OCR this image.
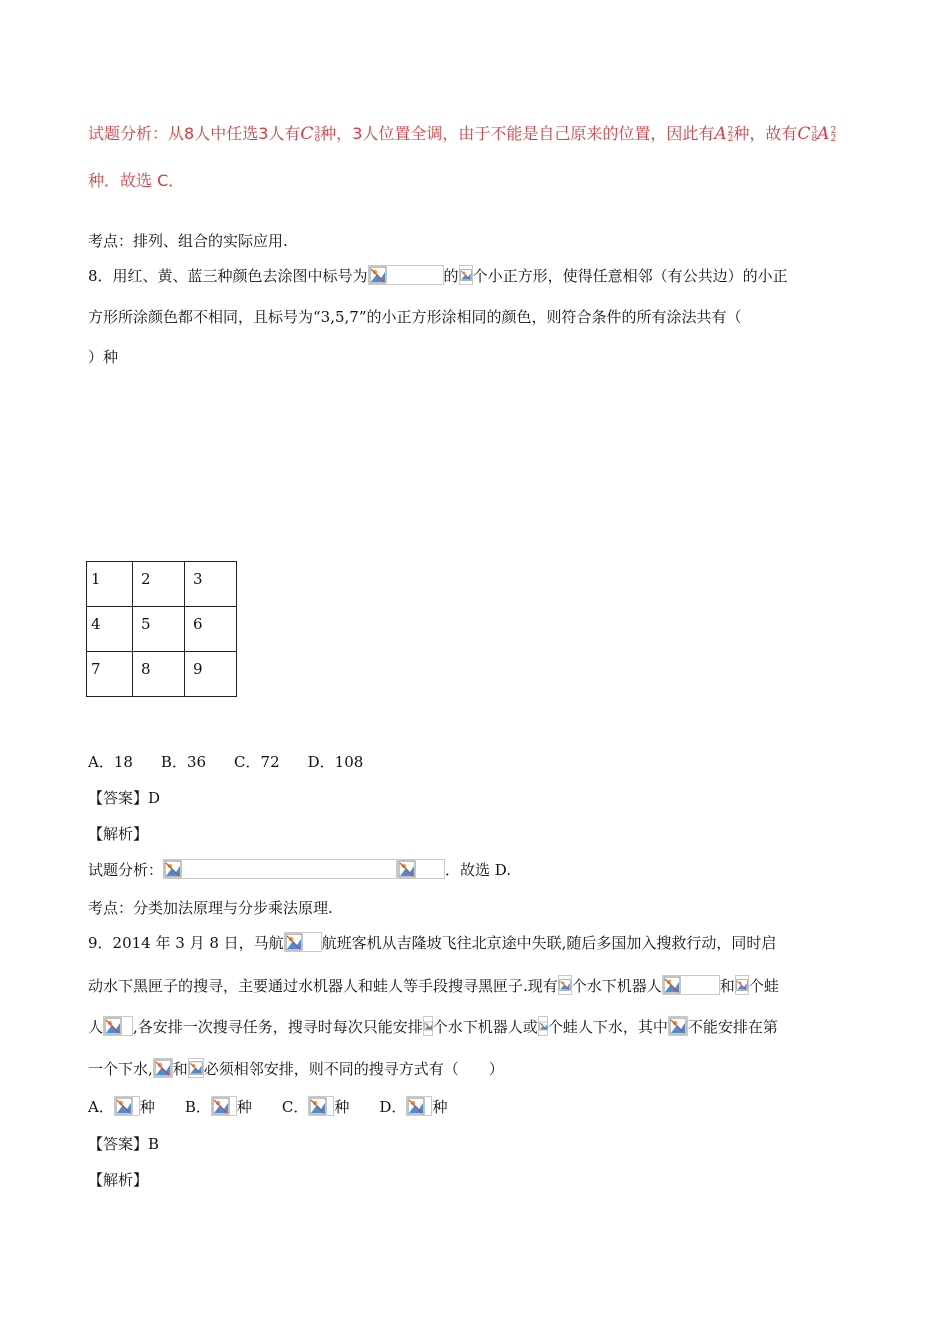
试题分析：从8人中任选3人有C 3
8 种，3人位置全调，由于不能是自己原来的位置，因此有A 2
2 种，故有C 3
8 A 2
2
种．故选 C．
考点：排列、组合的实际应用.
8．用红、黄、蓝三种颜色去涂图中标号为	的 个小正方形，使得任意相邻（有公共边）的小正
方形所涂颜色都不相同，且标号为“3,5,7”的小正方形涂相同的颜色，则符合条件的所有涂法共有（
）种
1	2	3
4	5	6
7	8	9
A．18 B．36 C．72 D．108
【答案】D
【解析】
试题分析：	．故选 D.
考点：分类加法原理与分步乘法原理.
9．2014 年 3 月 8 日，马航	航班客机从吉隆坡飞往北京途中失联,随后多国加入搜救行动，同时启
动水下黑匣子的搜寻，主要通过水机器人和蛙人等手段搜寻黑匣子.现有 个水下机器人	和 个蛙
人 ,各安排一次搜寻任务，搜寻时每次只能安排 个水下机器人或 个蛙人下水，其中 不能安排在第
一个下水, 和 必须相邻安排，则不同的搜寻方式有（　　）
A． 种 B． 种 C． 种 D． 种
【答案】B
【解析】
